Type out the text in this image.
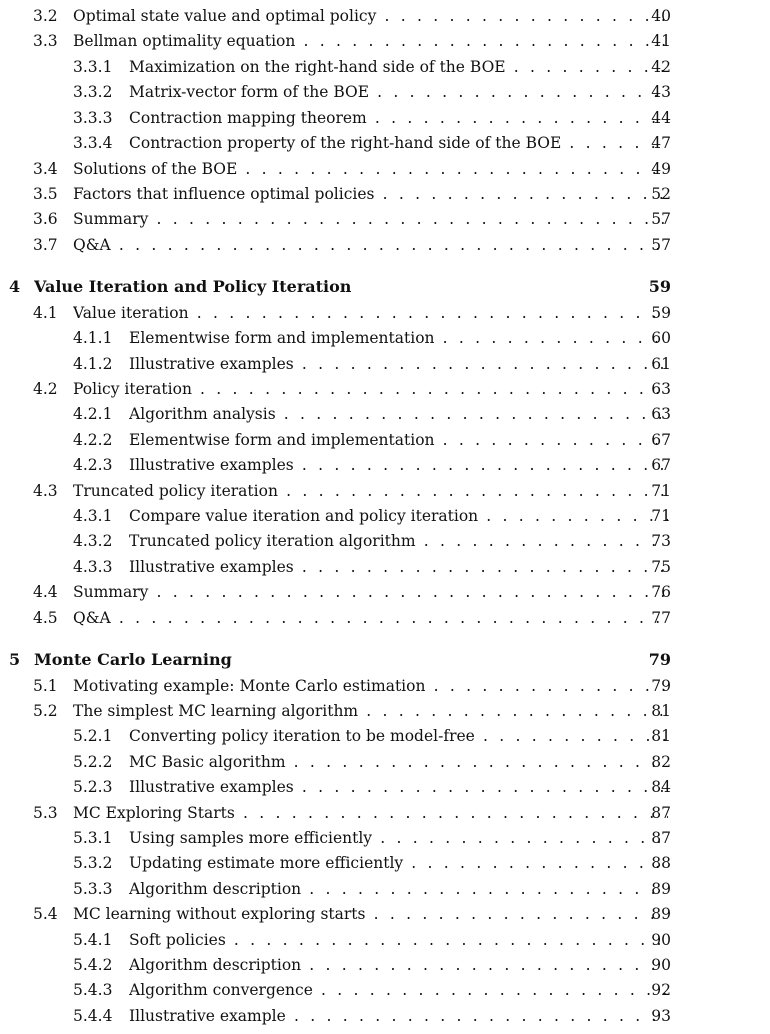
3.2 Optimal state value and optimal policy . . .	40
3.3 Bellman optimality equation . . .	41
3.3.1 Maximization on the right-hand side of the BOE . . .	42
3.3.2 Matrix-vector form of the BOE . . .	43
3.3.3 Contraction mapping theorem . . .	44
3.3.4 Contraction property of the right-hand side of the BOE . . .	47
3.4 Solutions of the BOE . . .	49
3.5 Factors that influence optimal policies . . .	52
3.6 Summary . . .	57
3.7 Q&A . . .	57
4 Value Iteration and Policy Iteration	59
4.1 Value iteration . . .	59
4.1.1 Elementwise form and implementation . . .	60
4.1.2 Illustrative examples . . .	61
4.2 Policy iteration . . .	63
4.2.1 Algorithm analysis . . .	63
4.2.2 Elementwise form and implementation . . .	67
4.2.3 Illustrative examples . . .	67
4.3 Truncated policy iteration . . .	71
4.3.1 Compare value iteration and policy iteration . . .	71
4.3.2 Truncated policy iteration algorithm . . .	73
4.3.3 Illustrative examples . . .	75
4.4 Summary . . .	76
4.5 Q&A . . .	77
5 Monte Carlo Learning	79
5.1 Motivating example: Monte Carlo estimation . . .	79
5.2 The simplest MC learning algorithm . . .	81
5.2.1 Converting policy iteration to be model-free . . .	81
5.2.2 MC Basic algorithm . . .	82
5.2.3 Illustrative examples . . .	84
5.3 MC Exploring Starts . . .	87
5.3.1 Using samples more efficiently . . .	87
5.3.2 Updating estimate more efficiently . . .	88
5.3.3 Algorithm description . . .	89
5.4 MC learning without exploring starts . . .	89
5.4.1 Soft policies . . .	90
5.4.2 Algorithm description . . .	90
5.4.3 Algorithm convergence . . .	92
5.4.4 Illustrative example . . .	93
